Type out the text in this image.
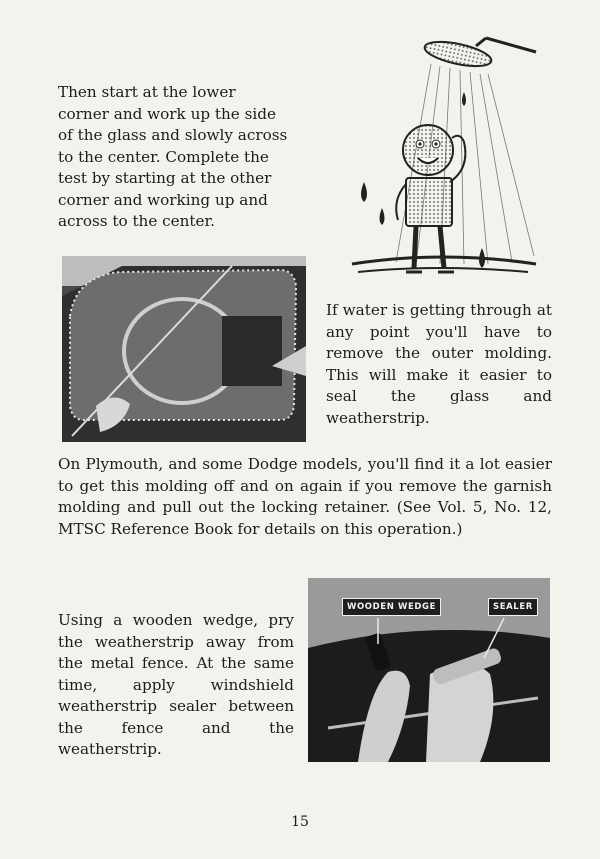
Then start at the lower corner and work up the side of the glass and slowly across to the center. Complete the test by starting at the other corner and working up and across to the center.

If water is getting through at any point you'll have to remove the outer molding. This will make it easier to seal the glass and weatherstrip.

On Plymouth, and some Dodge models, you'll find it a lot easier to get this molding off and on again if you remove the garnish molding and pull out the locking retainer. (See Vol. 5, No. 12, MTSC Reference Book for details on this operation.)

Using a wooden wedge, pry the weatherstrip away from the metal fence. At the same time, apply windshield weatherstrip sealer between the fence and the weatherstrip.

WOODEN WEDGE	SEALER
15
